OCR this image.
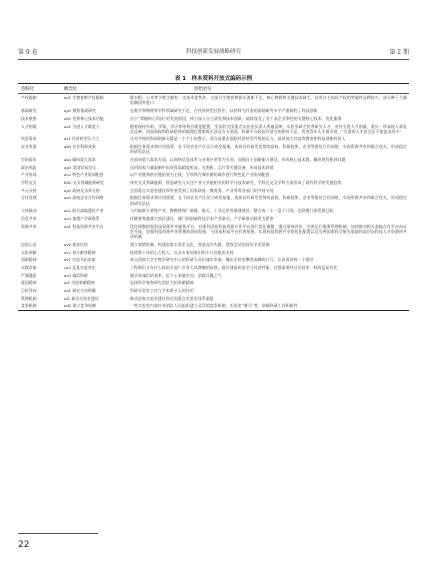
第 9 卷	科技创新发展战略研究	第 2 期
表 1　样本资料开放式编码示例
范畴化	概念化	原始语句
产权限制	aa1 生物育种产权限制	除水稻、小麦等少数主粮有一定技术优势外，大部分生物育种源头创新不足，核心种源和关键技术缺乏，具有自主知识产权的突破性品种较少，部分种子大量依赖国外进口
基础研究	ap1 聚焦基础研究	在数学和物理等学科领域研究不足，在经济转型过程中，以材料为代表的基础研究水平严重制约了科技创新
技术壁垒	ab1 发挥核心技术功能	由于“掌握核心科技”的发展阶段，核力深入自主研发和技术创新，陆续攻克了若干本企业掌控的关键核心技术，优化服务
人才困境	aa1 引进人才难度大	随着保持年龄、学缘、学历等结构合理化配置，受访的全国重点实验室负责人普遍反映，实验室缺乏优秀研究人才，对外引进人才困难，重庆一所高校人事处长反映，西部高校和科研院所的地理位置难吸引涉及方方面面，科研平台较国内顶尖的相对不足，优秀青年人才难引进，“引进的人才甚至还不如流出的多”
经济需求	as1 经济转型压力大	这对学校的科研创新无疑是一个不小的警示，而当前重庆面临经济转型升级的压力，亟须加大对高等教育和科技创新的投入
农业发展	ak5 农业科研成果	根据任务需求和应用需要，在不同农业产区设立研发基地，选择具有研发优势的高校、科研院所、企业等建设合作网络，实现资源共享和联合攻关，形成稳定的研发队伍
市场需求	ak3 瞄向重大需求	在面向重大需求方面，以网络信息体系与业务应用等为引领，加强自主创新能力建设，形成核心技术群，解决现有瓶颈问题
政治风险	ap5 美国贸易打压	动用国家力量限制中国获得高精度机床、光刻机、芯片等关键设备，形成技术封锁
产业协同	ae2 特色产业协同配套	以产业链和供应链拓展为主线，引领所在城市群的城市进行特色化产业协同配套
学科交叉	bd2 交叉领域能源研究	探究交叉领域能源，智造研究与关注产业与节能相关的科学与技术研究，学科在交叉学科方面形成了现代科学的发展趋势
多元支持	ap1 政府及各界支持	全国重点实验室建设和发展受到了国家政府、教育界、产业界等各部门的共同支持
合作处理	aa2 高校企业合作网络	根据任务需求和应用需要，在不同农业产区设立研发基地，选择具有研发优势的高校、科研院所、企业等建设合作网络，实现资源共享和联合攻关，形成稳定的研发队伍
主体联动	aa2 联合高地建设产业	与内地联合省级产业，携携将保广辟联，航天、工业运用等联建建设，整合成一个一盘子计划，达到澳门的发展目标
信息共享	aa3 加强产学研联系	伴随着粤港澳大湾区建设，澳门的创新科技学术产业联动，产学研联动将更为紧密
资源共享	aa1 科技资源共享平台	优化调整国家科技资源共享服务平台，对现有国家科技资源合作平台进行优化调整，通过绩效评价，完善运行服务管理机制，加快推动相关高校合作平台向社会开放，加强科技资源共享管理的协同衔接，与国家科技平台有效衔接，实现科技资源共享的优化配置以及完善国家科学研究基地和高层次科技人才资源的共享机制
包容心态	av6 观音民俗	建立容错机制，构建国家实验室文化，营造允许失败，宽容尝试的良好学术氛围
无私奉献	av2 奋斗献身精神	持续数十年的心力投入，以及专家同事们的不计回报的支持
创新精神	av1 实验开拓求索	来自西南大学生物学研究中心的科研人员们诚实求索，喊出实验室攀登高峰的口号，认真看待每一个细节
实践求索	ca2 反复实验对比	工程师们又在什么样的方面？应对大风摩擦的成熟，提升建筑的安全与经济性能，这都需要经过实验室一样的反复对比
严谨漫思	av5 诚信科研	做学术诚信的表率，沉下心来做学问，消除浮躁之气
爱国精神	ai1 为国奉献精神	弘扬科学家和研究团队为国奉献精神
目标导向	aa1 研究方向明确	科研实验室主任与学术带头人的作用
管理机制	af2 新设实验室建设	推动国家实验室建设和全国重点实验室体系重组
竞争机制	ad2 建立竞争机制	一些实验室内部针对团队人员组织建立灵活的竞争机制，实验室“赛马”等，创新科研工作积极性
22
